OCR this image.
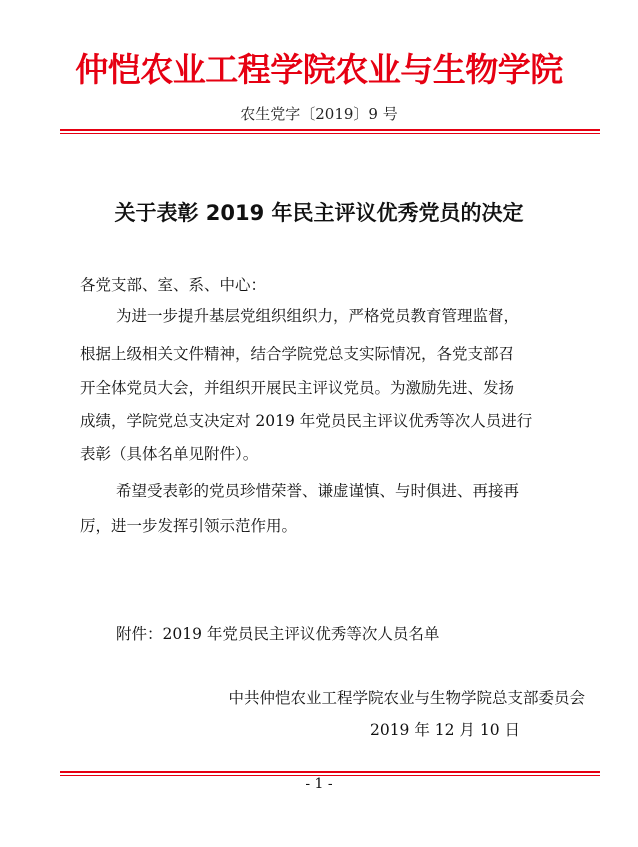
仲恺农业工程学院农业与生物学院
农生党字〔2019〕9 号
关于表彰 2019 年民主评议优秀党员的决定
各党支部、室、系、中心：
为进一步提升基层党组织组织力，严格党员教育管理监督，
根据上级相关文件精神，结合学院党总支实际情况，各党支部召
开全体党员大会，并组织开展民主评议党员。为激励先进、发扬
成绩，学院党总支决定对 2019 年党员民主评议优秀等次人员进行
表彰（具体名单见附件）。
希望受表彰的党员珍惜荣誉、谦虚谨慎、与时俱进、再接再
厉，进一步发挥引领示范作用。
附件：2019 年党员民主评议优秀等次人员名单
中共仲恺农业工程学院农业与生物学院总支部委员会
2019 年 12 月 10 日
- 1 -
